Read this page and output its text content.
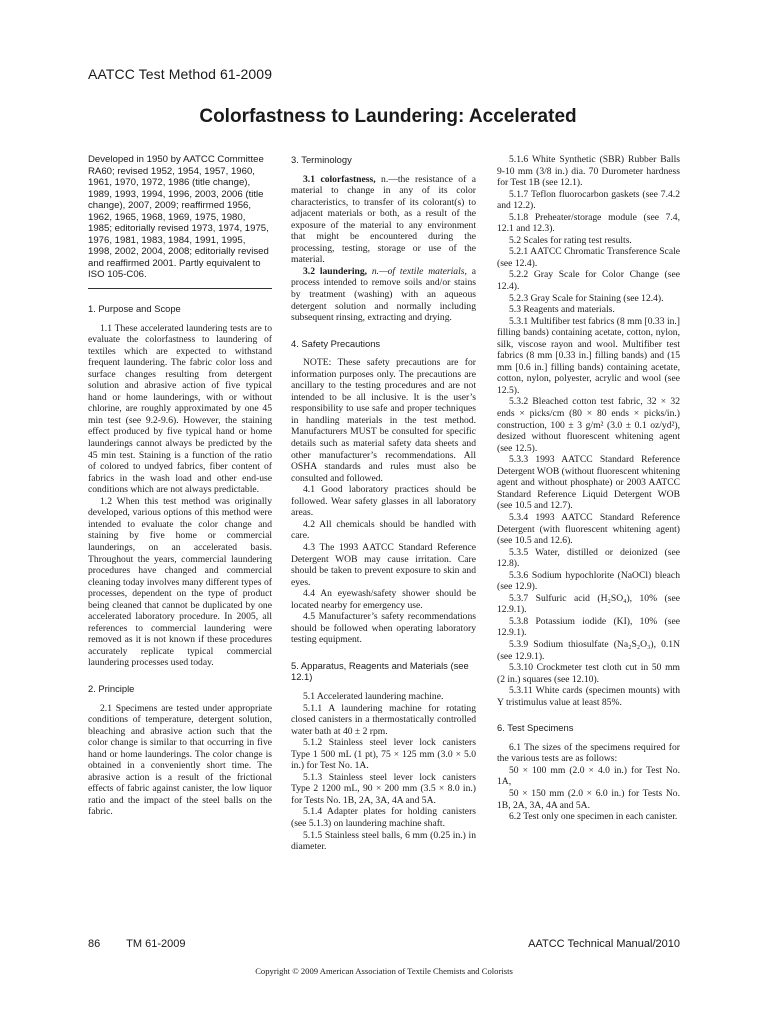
AATCC Test Method 61-2009
Colorfastness to Laundering: Accelerated

Developed in 1950 by AATCC Committee RA60; revised 1952, 1954, 1957, 1960, 1961, 1970, 1972, 1986 (title change), 1989, 1993, 1994, 1996, 2003, 2006 (title change), 2007, 2009; reaffirmed 1956, 1962, 1965, 1968, 1969, 1975, 1980, 1985; editorially revised 1973, 1974, 1975, 1976, 1981, 1983, 1984, 1991, 1995, 1998, 2002, 2004, 2008; editorially revised and reaffirmed 2001. Partly equivalent to ISO 105-C06.

1. Purpose and Scope

1.1 These accelerated laundering tests are to evaluate the colorfastness to laundering of textiles which are expected to withstand frequent laundering. The fabric color loss and surface changes resulting from detergent solution and abrasive action of five typical hand or home launderings, with or without chlorine, are roughly approximated by one 45 min test (see 9.2-9.6). However, the staining effect produced by five typical hand or home launderings cannot always be predicted by the 45 min test. Staining is a function of the ratio of colored to undyed fabrics, fiber content of fabrics in the wash load and other end-use conditions which are not always predictable.

1.2 When this test method was originally developed, various options of this method were intended to evaluate the color change and staining by five home or commercial launderings, on an accelerated basis. Throughout the years, commercial laundering procedures have changed and commercial cleaning today involves many different types of processes, dependent on the type of product being cleaned that cannot be duplicated by one accelerated laboratory procedure. In 2005, all references to commercial laundering were removed as it is not known if these procedures accurately replicate typical commercial laundering processes used today.

2. Principle

2.1 Specimens are tested under appropriate conditions of temperature, detergent solution, bleaching and abrasive action such that the color change is similar to that occurring in five hand or home launderings. The color change is obtained in a conveniently short time. The abrasive action is a result of the frictional effects of fabric against canister, the low liquor ratio and the impact of the steel balls on the fabric.

3. Terminology

3.1 colorfastness, n.—the resistance of a material to change in any of its color characteristics, to transfer of its colorant(s) to adjacent materials or both, as a result of the exposure of the material to any environment that might be encountered during the processing, testing, storage or use of the material.

3.2 laundering, n.—of textile materials, a process intended to remove soils and/or stains by treatment (washing) with an aqueous detergent solution and normally including subsequent rinsing, extracting and drying.

4. Safety Precautions

NOTE: These safety precautions are for information purposes only. The precautions are ancillary to the testing procedures and are not intended to be all inclusive. It is the user’s responsibility to use safe and proper techniques in handling materials in the test method. Manufacturers MUST be consulted for specific details such as material safety data sheets and other manufacturer’s recommendations. All OSHA standards and rules must also be consulted and followed.

4.1 Good laboratory practices should be followed. Wear safety glasses in all laboratory areas.

4.2 All chemicals should be handled with care.

4.3 The 1993 AATCC Standard Reference Detergent WOB may cause irritation. Care should be taken to prevent exposure to skin and eyes.

4.4 An eyewash/safety shower should be located nearby for emergency use.

4.5 Manufacturer’s safety recommendations should be followed when operating laboratory testing equipment.

5. Apparatus, Reagents and Materials (see 12.1)

5.1 Accelerated laundering machine.

5.1.1 A laundering machine for rotating closed canisters in a thermostatically controlled water bath at 40 ± 2 rpm.

5.1.2 Stainless steel lever lock canisters Type 1 500 mL (1 pt), 75 × 125 mm (3.0 × 5.0 in.) for Test No. 1A.

5.1.3 Stainless steel lever lock canisters Type 2 1200 mL, 90 × 200 mm (3.5 × 8.0 in.) for Tests No. 1B, 2A, 3A, 4A and 5A.

5.1.4 Adapter plates for holding canisters (see 5.1.3) on laundering machine shaft.

5.1.5 Stainless steel balls, 6 mm (0.25 in.) in diameter.

5.1.6 White Synthetic (SBR) Rubber Balls 9-10 mm (3/8 in.) dia. 70 Durometer hardness for Test 1B (see 12.1).

5.1.7 Teflon fluorocarbon gaskets (see 7.4.2 and 12.2).

5.1.8 Preheater/storage module (see 7.4, 12.1 and 12.3).

5.2 Scales for rating test results.

5.2.1 AATCC Chromatic Transference Scale (see 12.4).

5.2.2 Gray Scale for Color Change (see 12.4).

5.2.3 Gray Scale for Staining (see 12.4).

5.3 Reagents and materials.

5.3.1 Multifiber test fabrics (8 mm [0.33 in.] filling bands) containing acetate, cotton, nylon, silk, viscose rayon and wool. Multifiber test fabrics (8 mm [0.33 in.] filling bands) and (15 mm [0.6 in.] filling bands) containing acetate, cotton, nylon, polyester, acrylic and wool (see 12.5).

5.3.2 Bleached cotton test fabric, 32 × 32 ends × picks/cm (80 × 80 ends × picks/in.) construction, 100 ± 3 g/m² (3.0 ± 0.1 oz/yd²), desized without fluorescent whitening agent (see 12.5).

5.3.3 1993 AATCC Standard Reference Detergent WOB (without fluorescent whitening agent and without phosphate) or 2003 AATCC Standard Reference Liquid Detergent WOB (see 10.5 and 12.7).

5.3.4 1993 AATCC Standard Reference Detergent (with fluorescent whitening agent) (see 10.5 and 12.6).

5.3.5 Water, distilled or deionized (see 12.8).

5.3.6 Sodium hypochlorite (NaOCl) bleach (see 12.9).

5.3.7 Sulfuric acid (H₂SO₄), 10% (see 12.9.1).

5.3.8 Potassium iodide (KI), 10% (see 12.9.1).

5.3.9 Sodium thiosulfate (Na₂S₂O₃), 0.1N (see 12.9.1).

5.3.10 Crockmeter test cloth cut in 50 mm (2 in.) squares (see 12.10).

5.3.11 White cards (specimen mounts) with Y tristimulus value at least 85%.

6. Test Specimens

6.1 The sizes of the specimens required for the various tests are as follows:

50 × 100 mm (2.0 × 4.0 in.) for Test No. 1A,

50 × 150 mm (2.0 × 6.0 in.) for Tests No. 1B, 2A, 3A, 4A and 5A.

6.2 Test only one specimen in each canister.

86 TM 61-2009	AATCC Technical Manual/2010
Copyright © 2009 American Association of Textile Chemists and Colorists
